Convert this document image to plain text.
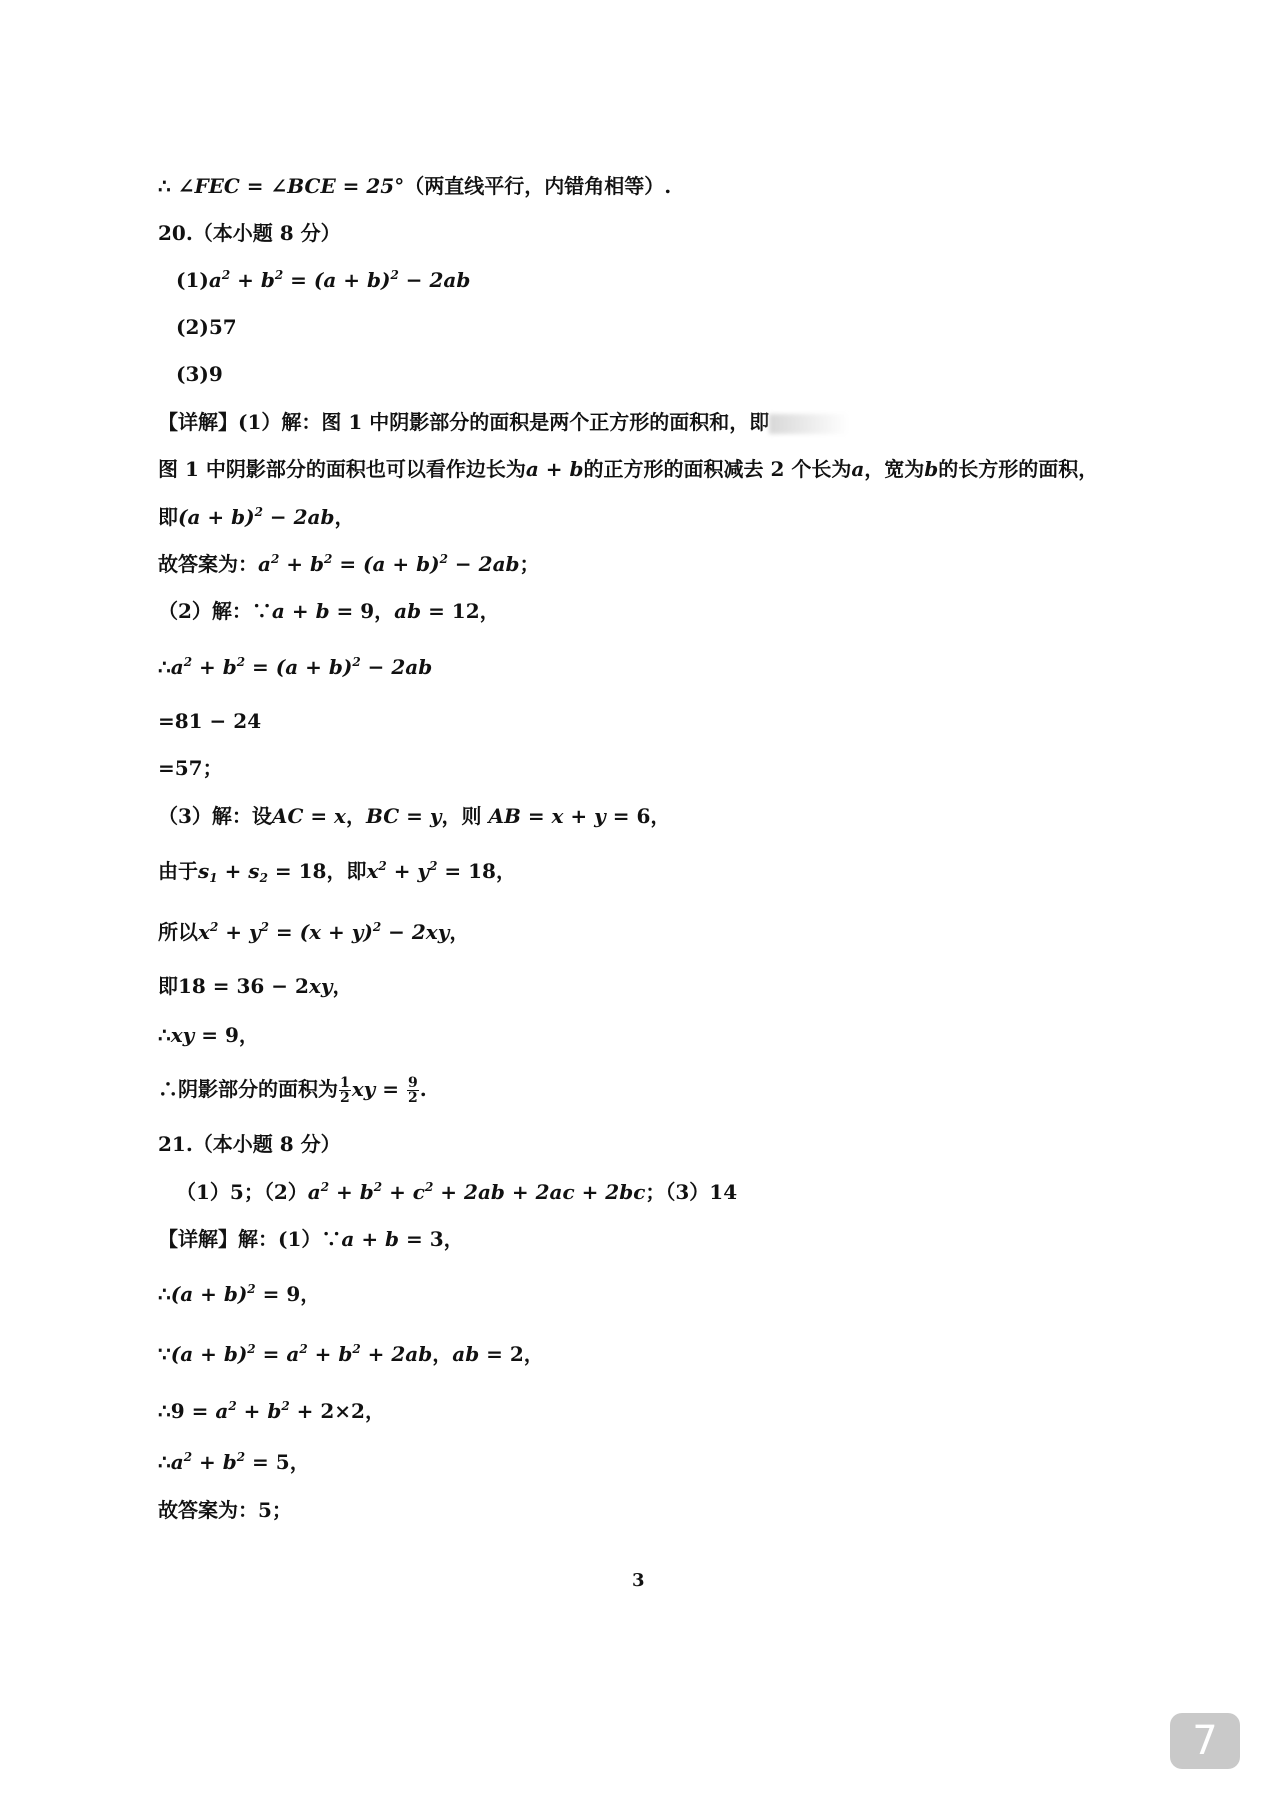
∴ ∠FEC = ∠BCE = 25°（两直线平行，内错角相等）.
20.（本小题 8 分）
$(1)a^2 + b^2 = (a + b)^2 - 2ab$
(2)57
(3)9
【详解】(1）解：图 1 中阴影部分的面积是两个正方形的面积和，即
图 1 中阴影部分的面积也可以看作边长为a + b的正方形的面积减去 2 个长为a，宽为b的长方形的面积，
即$(a + b)^2 - 2ab$，
故答案为：$a^2 + b^2 = (a + b)^2 - 2ab$；
（2）解：∵a + b = 9，ab = 12，
$\therefore a^2 + b^2 = (a + b)^2 - 2ab$
=81 − 24
=57；
（3）解：设AC = x，BC = y，则 AB = x + y = 6，
由于$s_1 + s_2 = 18$，即$x^2 + y^2 = 18$，
所以$x^2 + y^2 = (x + y)^2 - 2xy$，
即18 = 36 − 2xy，
∴xy = 9，
∴阴影部分的面积为 $\frac{1}{2}$ xy = $\frac{9}{2}$ .
21.（本小题 8 分）
（1）5；$(2)a^2 + b^2 + c^2 + 2ab + 2ac + 2bc$；（3）14
【详解】解：(1）∵a + b = 3，
∴(a + b)$^2$ = 9，
∵(a + $b)^2 = a^2 + b^2 + 2ab$，ab = 2，
∴9 = $a^2 + b^2 + 2\times 2$，
$\therefore a^2 + b^2 = 5$，
故答案为：5；
3
7
